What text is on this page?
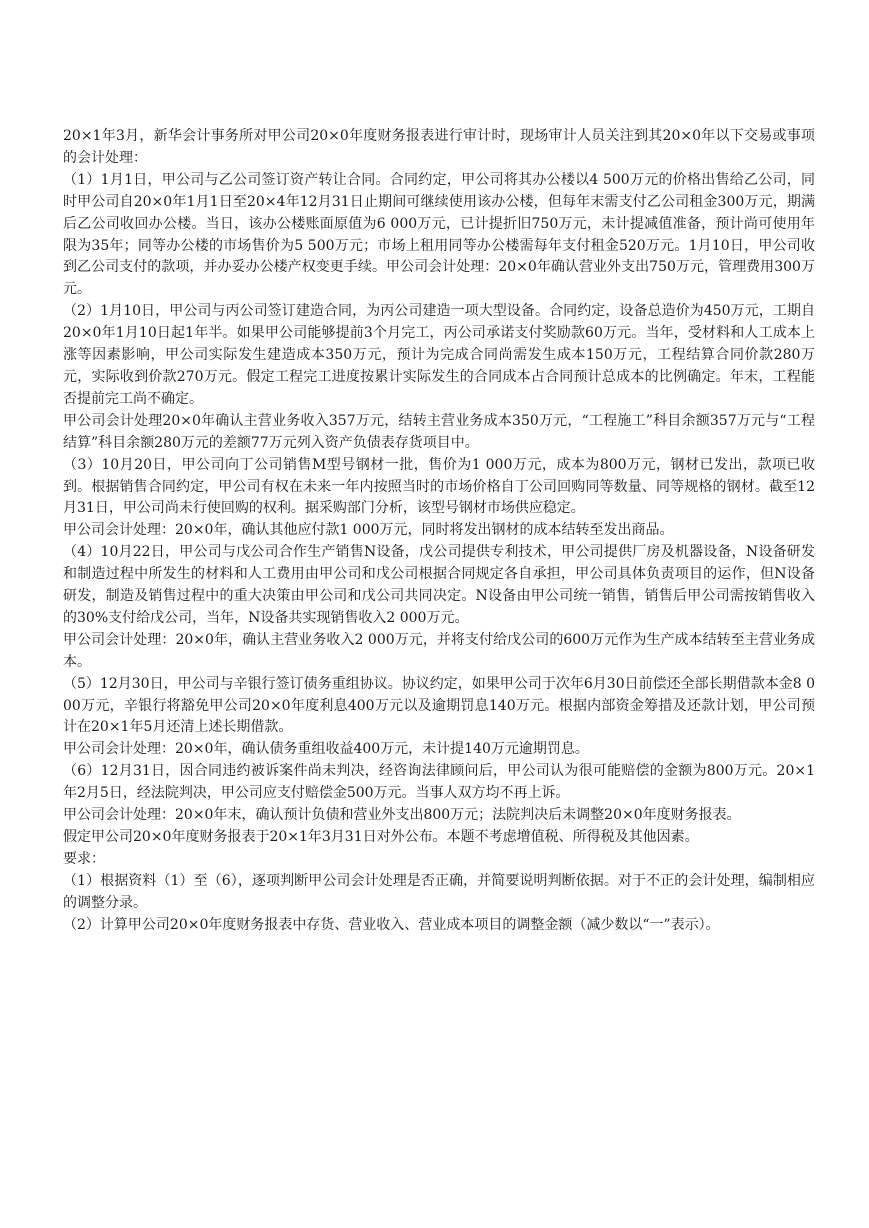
20×1年3月，新华会计事务所对甲公司20×0年度财务报表进行审计时，现场审计人员关注到其20×0年以下交易或事项的会计处理：

（1）1月1日，甲公司与乙公司签订资产转让合同。合同约定，甲公司将其办公楼以4 500万元的价格出售给乙公司，同时甲公司自20×0年1月1日至20×4年12月31日止期间可继续使用该办公楼，但每年末需支付乙公司租金300万元，期满后乙公司收回办公楼。当日，该办公楼账面原值为6 000万元，已计提折旧750万元，未计提减值准备，预计尚可使用年限为35年；同等办公楼的市场售价为5 500万元；市场上租用同等办公楼需每年支付租金520万元。1月10日，甲公司收到乙公司支付的款项，并办妥办公楼产权变更手续。甲公司会计处理：20×0年确认营业外支出750万元，管理费用300万元。

（2）1月10日，甲公司与丙公司签订建造合同，为丙公司建造一项大型设备。合同约定，设备总造价为450万元，工期自20×0年1月10日起1年半。如果甲公司能够提前3个月完工，丙公司承诺支付奖励款60万元。当年，受材料和人工成本上涨等因素影响，甲公司实际发生建造成本350万元，预计为完成合同尚需发生成本150万元，工程结算合同价款280万元，实际收到价款270万元。假定工程完工进度按累计实际发生的合同成本占合同预计总成本的比例确定。年末，工程能否提前完工尚不确定。

甲公司会计处理20×0年确认主营业务收入357万元，结转主营业务成本350万元，“工程施工”科目余额357万元与“工程结算”科目余额280万元的差额77万元列入资产负债表存货项目中。

（3）10月20日，甲公司向丁公司销售M型号钢材一批，售价为1 000万元，成本为800万元，钢材已发出，款项已收到。根据销售合同约定，甲公司有权在未来一年内按照当时的市场价格自丁公司回购同等数量、同等规格的钢材。截至12月31日，甲公司尚未行使回购的权利。据采购部门分析，该型号钢材市场供应稳定。

甲公司会计处理：20×0年，确认其他应付款1 000万元，同时将发出钢材的成本结转至发出商品。

（4）10月22日，甲公司与戊公司合作生产销售N设备，戊公司提供专利技术，甲公司提供厂房及机器设备，N设备研发和制造过程中所发生的材料和人工费用由甲公司和戊公司根据合同规定各自承担，甲公司具体负责项目的运作，但N设备研发，制造及销售过程中的重大决策由甲公司和戊公司共同决定。N设备由甲公司统一销售，销售后甲公司需按销售收入的30%支付给戊公司，当年，N设备共实现销售收入2 000万元。

甲公司会计处理：20×0年，确认主营业务收入2 000万元，并将支付给戊公司的600万元作为生产成本结转至主营业务成本。

（5）12月30日，甲公司与辛银行签订债务重组协议。协议约定，如果甲公司于次年6月30日前偿还全部长期借款本金8 000万元，辛银行将豁免甲公司20×0年度利息400万元以及逾期罚息140万元。根据内部资金筹措及还款计划，甲公司预计在20×1年5月还清上述长期借款。

甲公司会计处理：20×0年，确认债务重组收益400万元，未计提140万元逾期罚息。

（6）12月31日，因合同违约被诉案件尚未判决，经咨询法律顾问后，甲公司认为很可能赔偿的金额为800万元。20×1年2月5日，经法院判决，甲公司应支付赔偿金500万元。当事人双方均不再上诉。

甲公司会计处理：20×0年末，确认预计负债和营业外支出800万元；法院判决后未调整20×0年度财务报表。

假定甲公司20×0年度财务报表于20×1年3月31日对外公布。本题不考虑增值税、所得税及其他因素。

要求：

（1）根据资料（1）至（6），逐项判断甲公司会计处理是否正确，并简要说明判断依据。对于不正的会计处理，编制相应的调整分录。

（2）计算甲公司20×0年度财务报表中存货、营业收入、营业成本项目的调整金额（减少数以“一”表示）。
